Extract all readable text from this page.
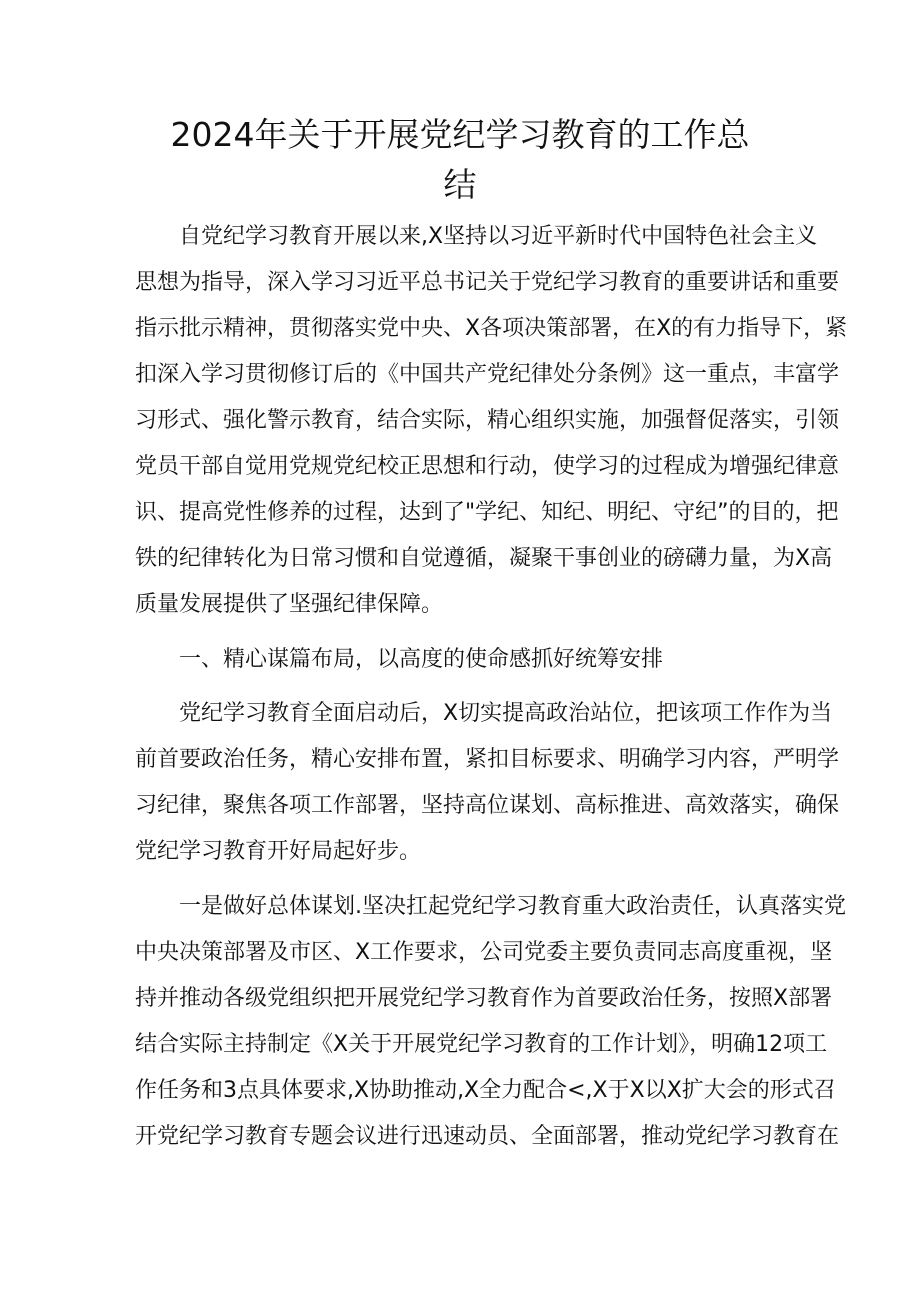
2024年关于开展党纪学习教育的工作总
结
自党纪学习教育开展以来,X坚持以习近平新时代中国特色社会主义
思想为指导，深入学习习近平总书记关于党纪学习教育的重要讲话和重要
指示批示精神，贯彻落实党中央、X各项决策部署，在X的有力指导下，紧
扣深入学习贯彻修订后的《中国共产党纪律处分条例》这一重点，丰富学
习形式、强化警示教育，结合实际，精心组织实施，加强督促落实，引领
党员干部自觉用党规党纪校正思想和行动，使学习的过程成为增强纪律意
识、提高党性修养的过程，达到了"学纪、知纪、明纪、守纪”的目的，把
铁的纪律转化为日常习惯和自觉遵循，凝聚干事创业的磅礴力量，为X高
质量发展提供了坚强纪律保障。
一、精心谋篇布局，以高度的使命感抓好统筹安排
党纪学习教育全面启动后，X切实提高政治站位，把该项工作作为当
前首要政治任务，精心安排布置，紧扣目标要求、明确学习内容，严明学
习纪律，聚焦各项工作部署，坚持高位谋划、高标推进、高效落实，确保
党纪学习教育开好局起好步。
一是做好总体谋划.坚决扛起党纪学习教育重大政治责任，认真落实党
中央决策部署及市区、X工作要求，公司党委主要负责同志高度重视，坚
持并推动各级党组织把开展党纪学习教育作为首要政治任务，按照X部署
结合实际主持制定《X关于开展党纪学习教育的工作计划》，明确12项工
作任务和3点具体要求,X协助推动,X全力配合<,X于X以X扩大会的形式召
开党纪学习教育专题会议进行迅速动员、全面部署，推动党纪学习教育在
